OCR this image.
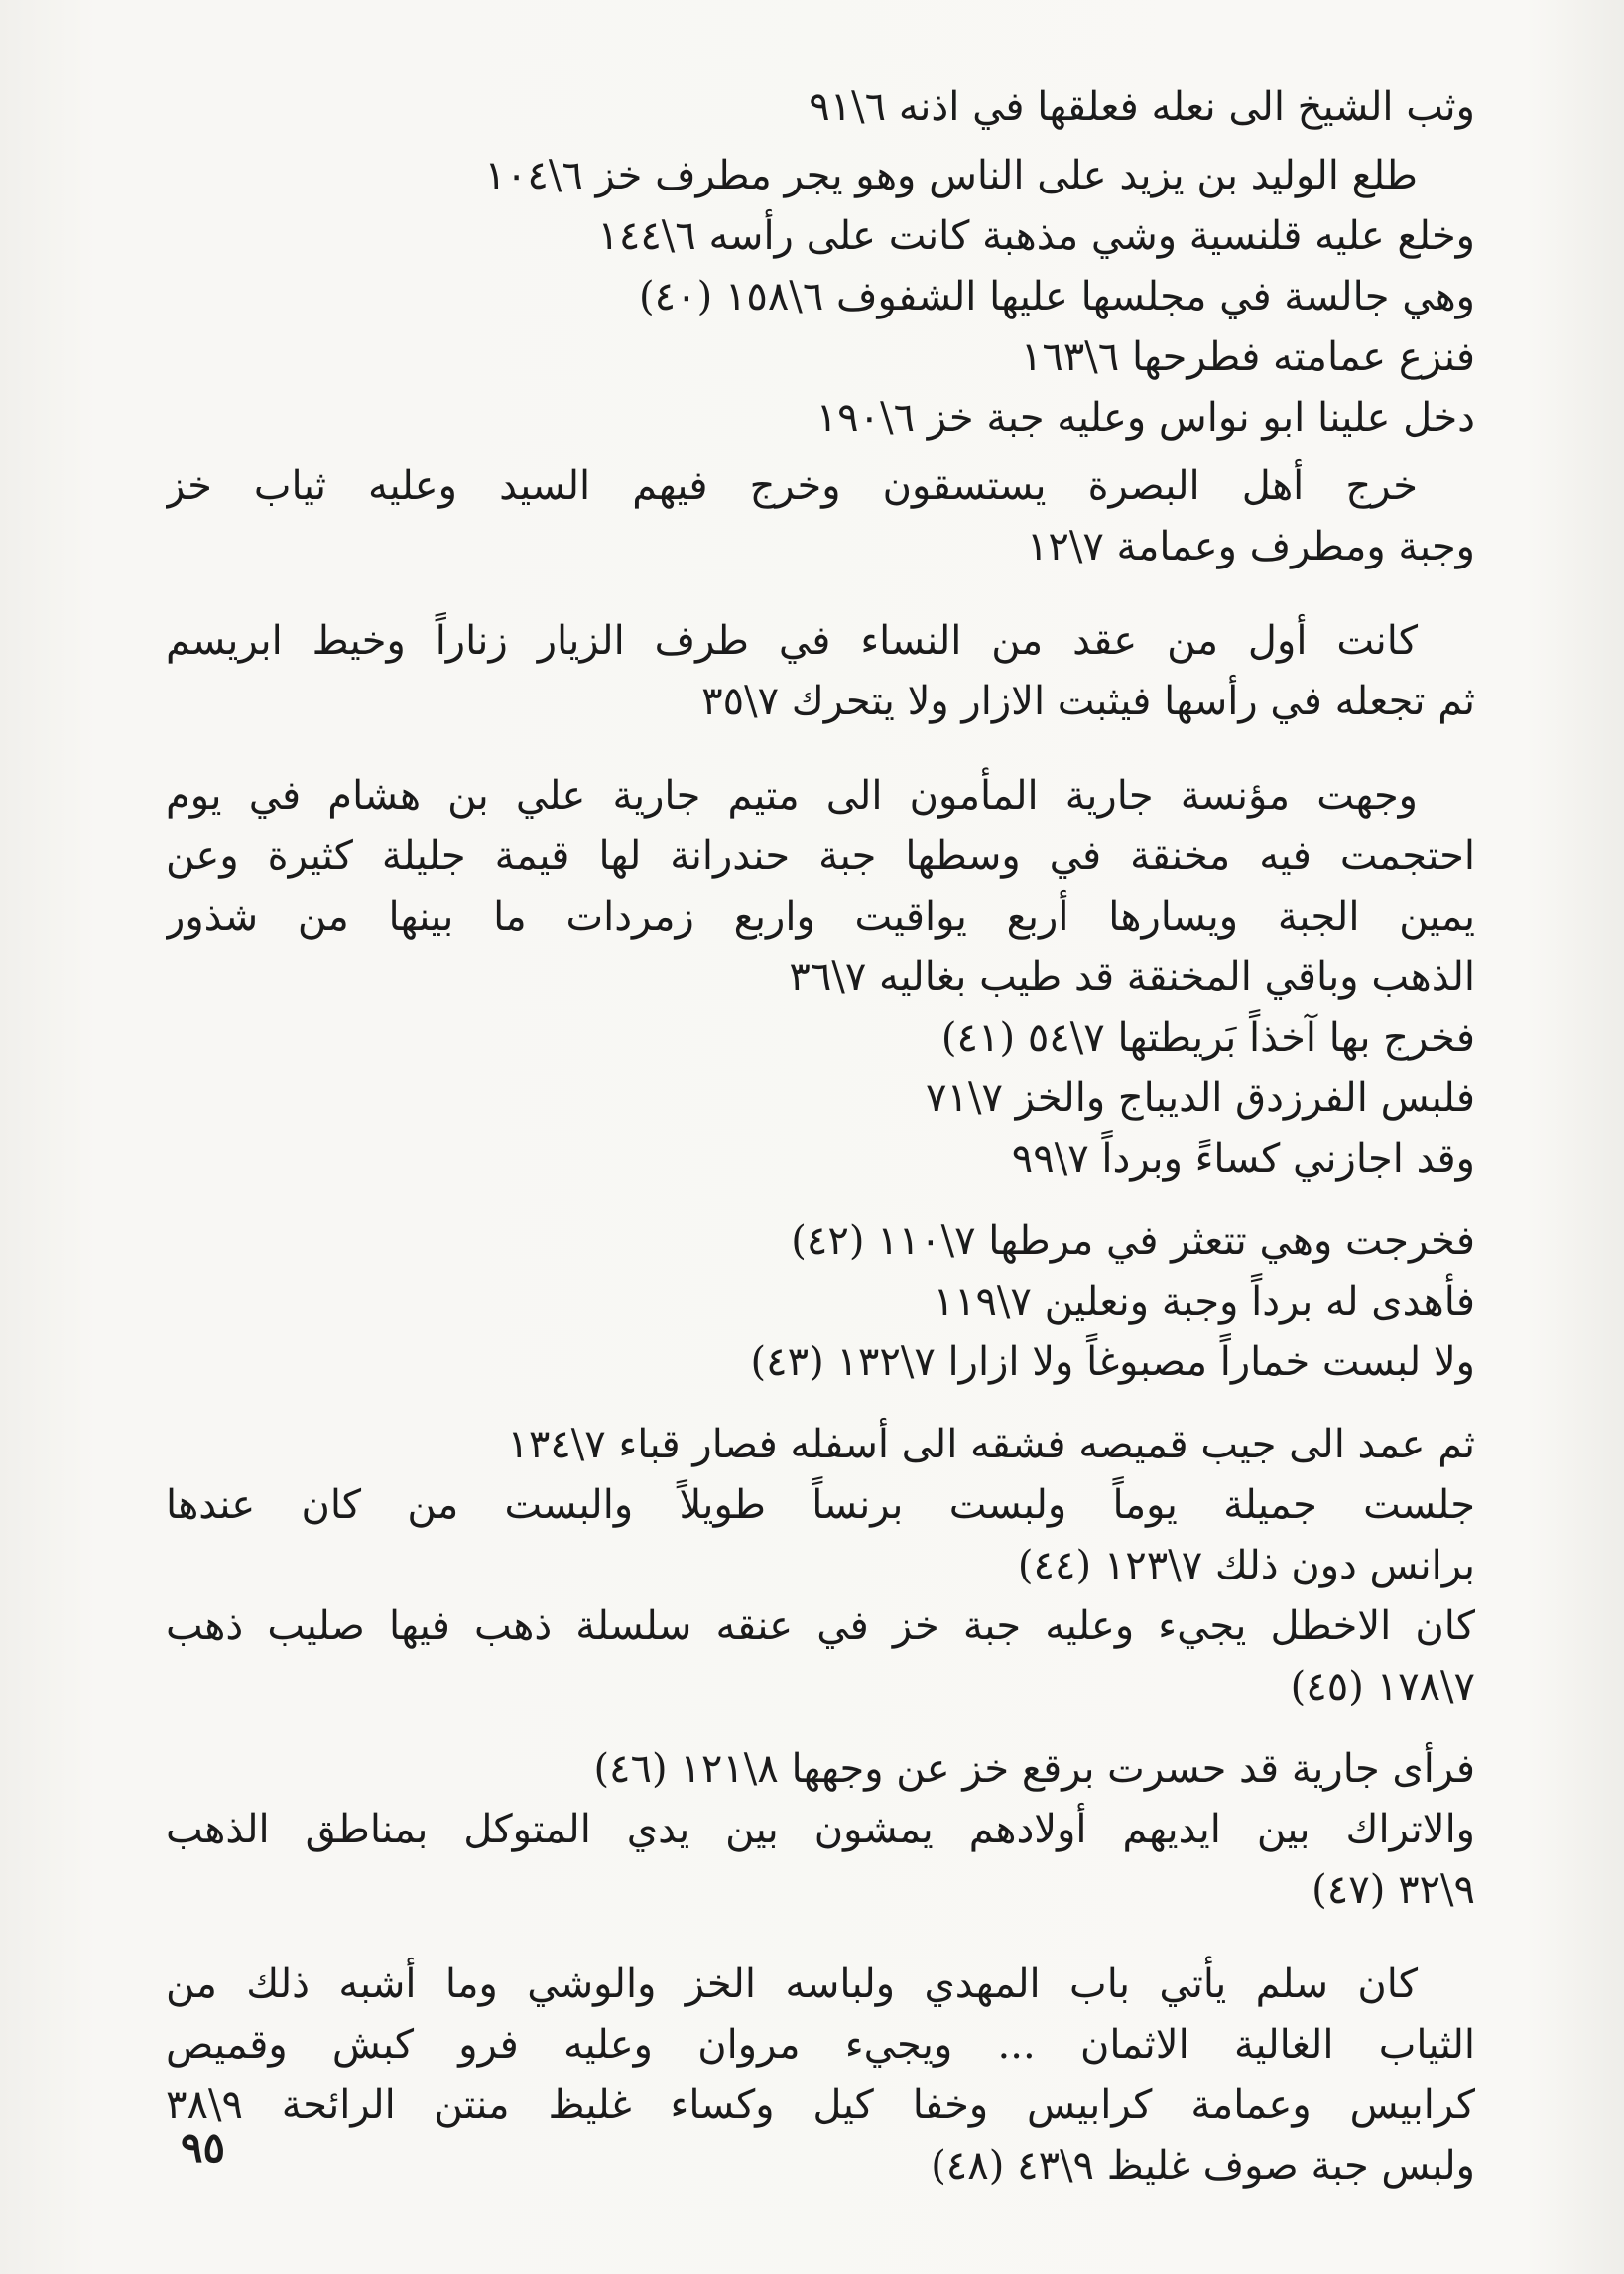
وثب الشيخ الى نعله فعلقها في اذنه ٦\٩١
طلع الوليد بن يزيد على الناس وهو يجر مطرف خز ٦\١٠٤
وخلع عليه قلنسية وشي مذهبة كانت على رأسه ٦\١٤٤
وهي جالسة في مجلسها عليها الشفوف ٦\١٥٨ (٤٠)
فنزع عمامته فطرحها ٦\١٦٣
دخل علينا ابو نواس وعليه جبة خز ٦\١٩٠
خرج أهل البصرة يستسقون وخرج فيهم السيد وعليه ثياب خز
وجبة ومطرف وعمامة ٧\١٢
كانت أول من عقد من النساء في طرف الزيار زناراً وخيط ابريسم
ثم تجعله في رأسها فيثبت الازار ولا يتحرك ٧\٣٥
وجهت مؤنسة جارية المأمون الى متيم جارية علي بن هشام في يوم
احتجمت فيه مخنقة في وسطها جبة حندرانة لها قيمة جليلة كثيرة وعن
يمين الجبة ويسارها أربع يواقيت واربع زمردات ما بينها من شذور
الذهب وباقي المخنقة قد طيب بغاليه ٧\٣٦
فخرج بها آخذاً بَريطتها ٧\٥٤ (٤١)
فلبس الفرزدق الديباج والخز ٧\٧١
وقد اجازني كساءً وبرداً ٧\٩٩
فخرجت وهي تتعثر في مرطها ٧\١١٠ (٤٢)
فأهدى له برداً وجبة ونعلين ٧\١١٩
ولا لبست خماراً مصبوغاً ولا ازارا ٧\١٣٢ (٤٣)
ثم عمد الى جيب قميصه فشقه الى أسفله فصار قباء ٧\١٣٤
جلست جميلة يوماً ولبست برنساً طويلاً والبست من كان عندها
برانس دون ذلك ٧\١٢٣ (٤٤)
كان الاخطل يجيء وعليه جبة خز في عنقه سلسلة ذهب فيها صليب ذهب
٧\١٧٨ (٤٥)
فرأى جارية قد حسرت برقع خز عن وجهها ٨\١٢١ (٤٦)
والاتراك بين ايديهم أولادهم يمشون بين يدي المتوكل بمناطق الذهب
٩\٣٢ (٤٧)
كان سلم يأتي باب المهدي ولباسه الخز والوشي وما أشبه ذلك من
الثياب الغالية الاثمان ... ويجيء مروان وعليه فرو كبش وقميص
كرابيس وعمامة كرابيس وخفا كيل وكساء غليظ منتن الرائحة ٩\٣٨
ولبس جبة صوف غليظ ٩\٤٣ (٤٨)
٩٥
